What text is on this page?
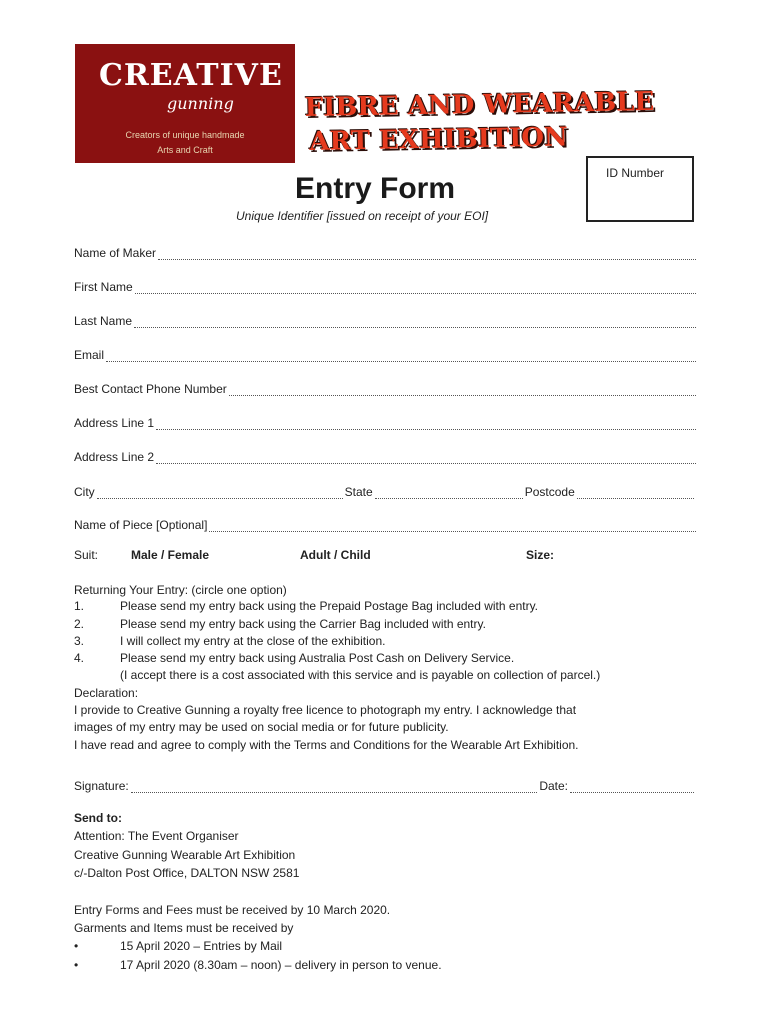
CREATIVE
gunning
Creators of unique handmade
Arts and Craft
FIBRE AND WEARABLE
ART EXHIBITION
ID Number
Entry Form
Unique Identifier [issued on receipt of your EOI]
Name of Maker
First Name
Last Name
Email
Best Contact Phone Number
Address Line 1
Address Line 2
City	State	Postcode
Name of Piece [Optional]
Suit:	Male / Female	Adult / Child	Size:
Returning Your Entry: (circle one option)
1.	Please send my entry back using the Prepaid Postage Bag included with entry.
2.	Please send my entry back using the Carrier Bag included with entry.
3.	I will collect my entry at the close of the exhibition.
4.	Please send my entry back using Australia Post Cash on Delivery Service.
(I accept there is a cost associated with this service and is payable on collection of parcel.)
Declaration:
I provide to Creative Gunning a royalty free licence to photograph my entry. I acknowledge that
images of my entry may be used on social media or for future publicity.
I have read and agree to comply with the Terms and Conditions for the Wearable Art Exhibition.
Signature:	Date:
Send to:
Attention: The Event Organiser
Creative Gunning Wearable Art Exhibition
c/-Dalton Post Office, DALTON NSW 2581
Entry Forms and Fees must be received by 10 March 2020.
Garments and Items must be received by
•	15 April 2020 – Entries by Mail
•	17 April 2020 (8.30am – noon) – delivery in person to venue.
